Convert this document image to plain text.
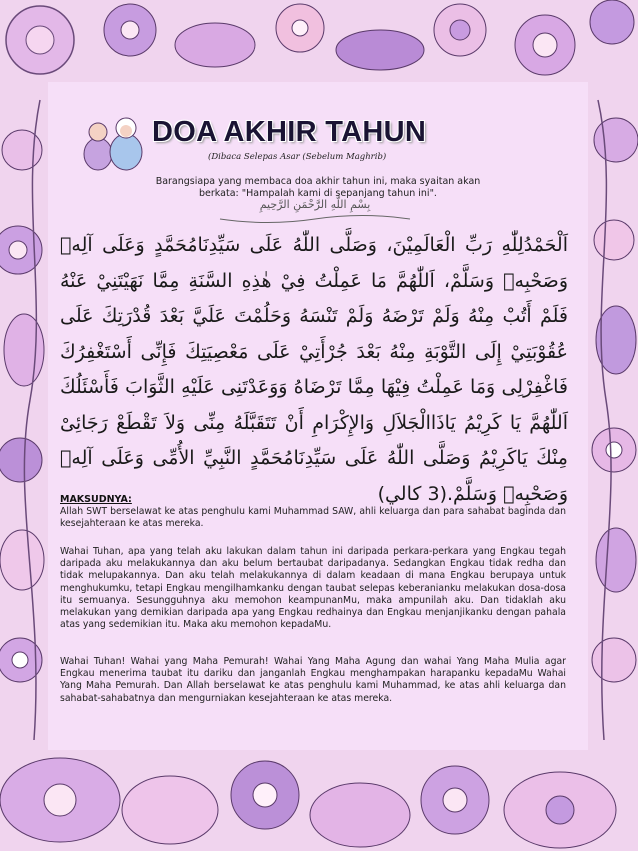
DOA AKHIR TAHUN
(Dibaca Selepas Asar (Sebelum Maghrib)
Barangsiapa yang membaca doa akhir tahun ini, maka syaitan akan berkata: "Hampalah kami di sepanjang tahun ini".
بِسْمِ اللَّهِ الرَّحْمَنِ الرَّحِيمِ
اَلْحَمْدُلِلّٰهِ رَبِّ الْعَالَمِيْنَ، وَصَلَّى اللّٰهُ عَلَى سَيِّدِنَامُحَمَّدٍ وَعَلَى آلِهٖ وَصَحْبِهٖ وَسَلَّمْ، اَللّٰهُمَّ مَا عَمِلْتُ فِيْ هٰذِهِ السَّنَةِ مِمَّا نَهَيْتَنِيْ عَنْهُ فَلَمْ أَتُبْ مِنْهُ وَلَمْ تَرْضَهُ وَلَمْ تَنْسَهُ وَحَلُمْتَ عَلَيَّ بَعْدَ قُدْرَتِكَ عَلَى عُقُوْبَتِيْ إِلَى التَّوْبَةِ مِنْهُ بَعْدَ جُرْأَتِيْ عَلَى مَعْصِيَتِكَ فَإِنِّى أَسْتَغْفِرُكَ فَاغْفِرْلِى وَمَا عَمِلْتُ فِيْهَا مِمَّا تَرْضَاهُ وَوَعَدْتَنِى عَلَيْهِ الثَّوَابَ فَأَسْئَلُكَ اَللّٰهُمَّ يَا كَرِيْمُ يَاذَاالْجَلاَلِ وَالإِكْرَامِ أَنْ تَتَقَبَّلَهُ مِنِّى وَلاَ تَقْطَعْ رَجَائِىْ مِنْكَ يَاكَرِيْمُ وَصَلَّى اللّٰهُ عَلَى سَيِّدِنَامُحَمَّدٍ النَّبِيِّ الأُمِّى وَعَلَى آلِهٖ وَصَحْبِهٖ وَسَلَّمْ.(3 كالي)
MAKSUDNYA:
Allah SWT berselawat ke atas penghulu kami Muhammad SAW, ahli keluarga dan para sahabat baginda dan kesejahteraan ke atas mereka.
Wahai Tuhan, apa yang telah aku lakukan dalam tahun ini daripada perkara-perkara yang Engkau tegah daripada aku melakukannya dan aku belum bertaubat daripadanya. Sedangkan Engkau tidak redha dan tidak melupakannya. Dan aku telah melakukannya di dalam keadaan di mana Engkau berupaya untuk menghukumku, tetapi Engkau mengilhamkanku dengan taubat selepas keberanianku melakukan dosa-dosa itu semuanya. Sesungguhnya aku memohon keampunanMu, maka ampunilah aku. Dan tidaklah aku melakukan yang demikian daripada apa yang Engkau redhainya dan Engkau menjanjikanku dengan pahala atas yang sedemikian itu. Maka aku memohon kepadaMu.
Wahai Tuhan! Wahai yang Maha Pemurah! Wahai Yang Maha Agung dan wahai Yang Maha Mulia agar Engkau menerima taubat itu dariku dan janganlah Engkau menghampakan harapanku kepadaMu Wahai Yang Maha Pemurah. Dan Allah berselawat ke atas penghulu kami Muhammad, ke atas ahli keluarga dan sahabat-sahabatnya dan mengurniakan kesejahteraan ke atas mereka.
